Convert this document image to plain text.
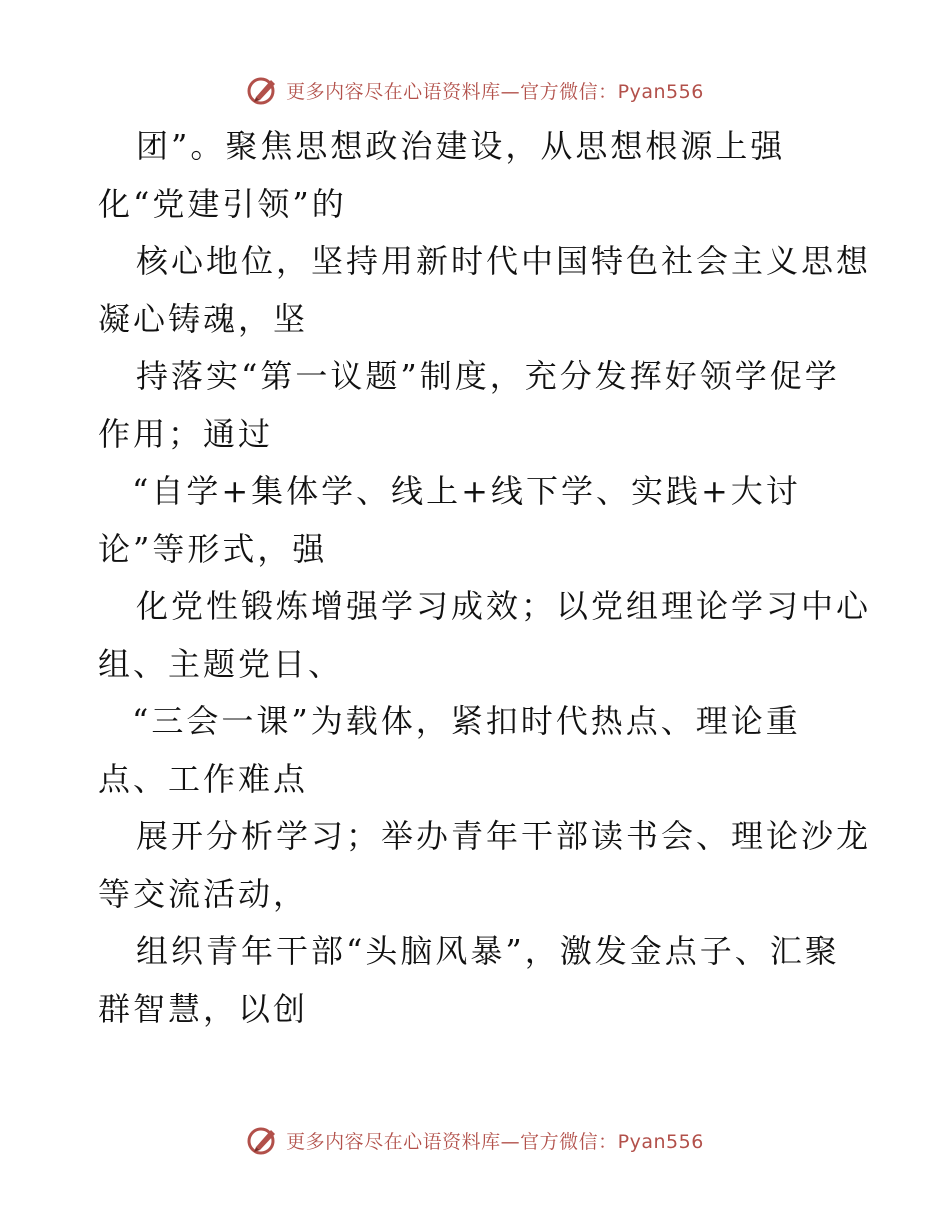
更多内容尽在心语资料库—官方微信：Pyan556
团”。聚焦思想政治建设，从思想根源上强
化“党建引领”的
核心地位，坚持用新时代中国特色社会主义思想
凝心铸魂，坚
持落实“第一议题”制度，充分发挥好领学促学
作用；通过
“自学+集体学、线上+线下学、实践+大讨
论”等形式，强
化党性锻炼增强学习成效；以党组理论学习中心
组、主题党日、
“三会一课”为载体，紧扣时代热点、理论重
点、工作难点
展开分析学习；举办青年干部读书会、理论沙龙
等交流活动，
组织青年干部“头脑风暴”，激发金点子、汇聚
群智慧，以创
更多内容尽在心语资料库—官方微信：Pyan556
